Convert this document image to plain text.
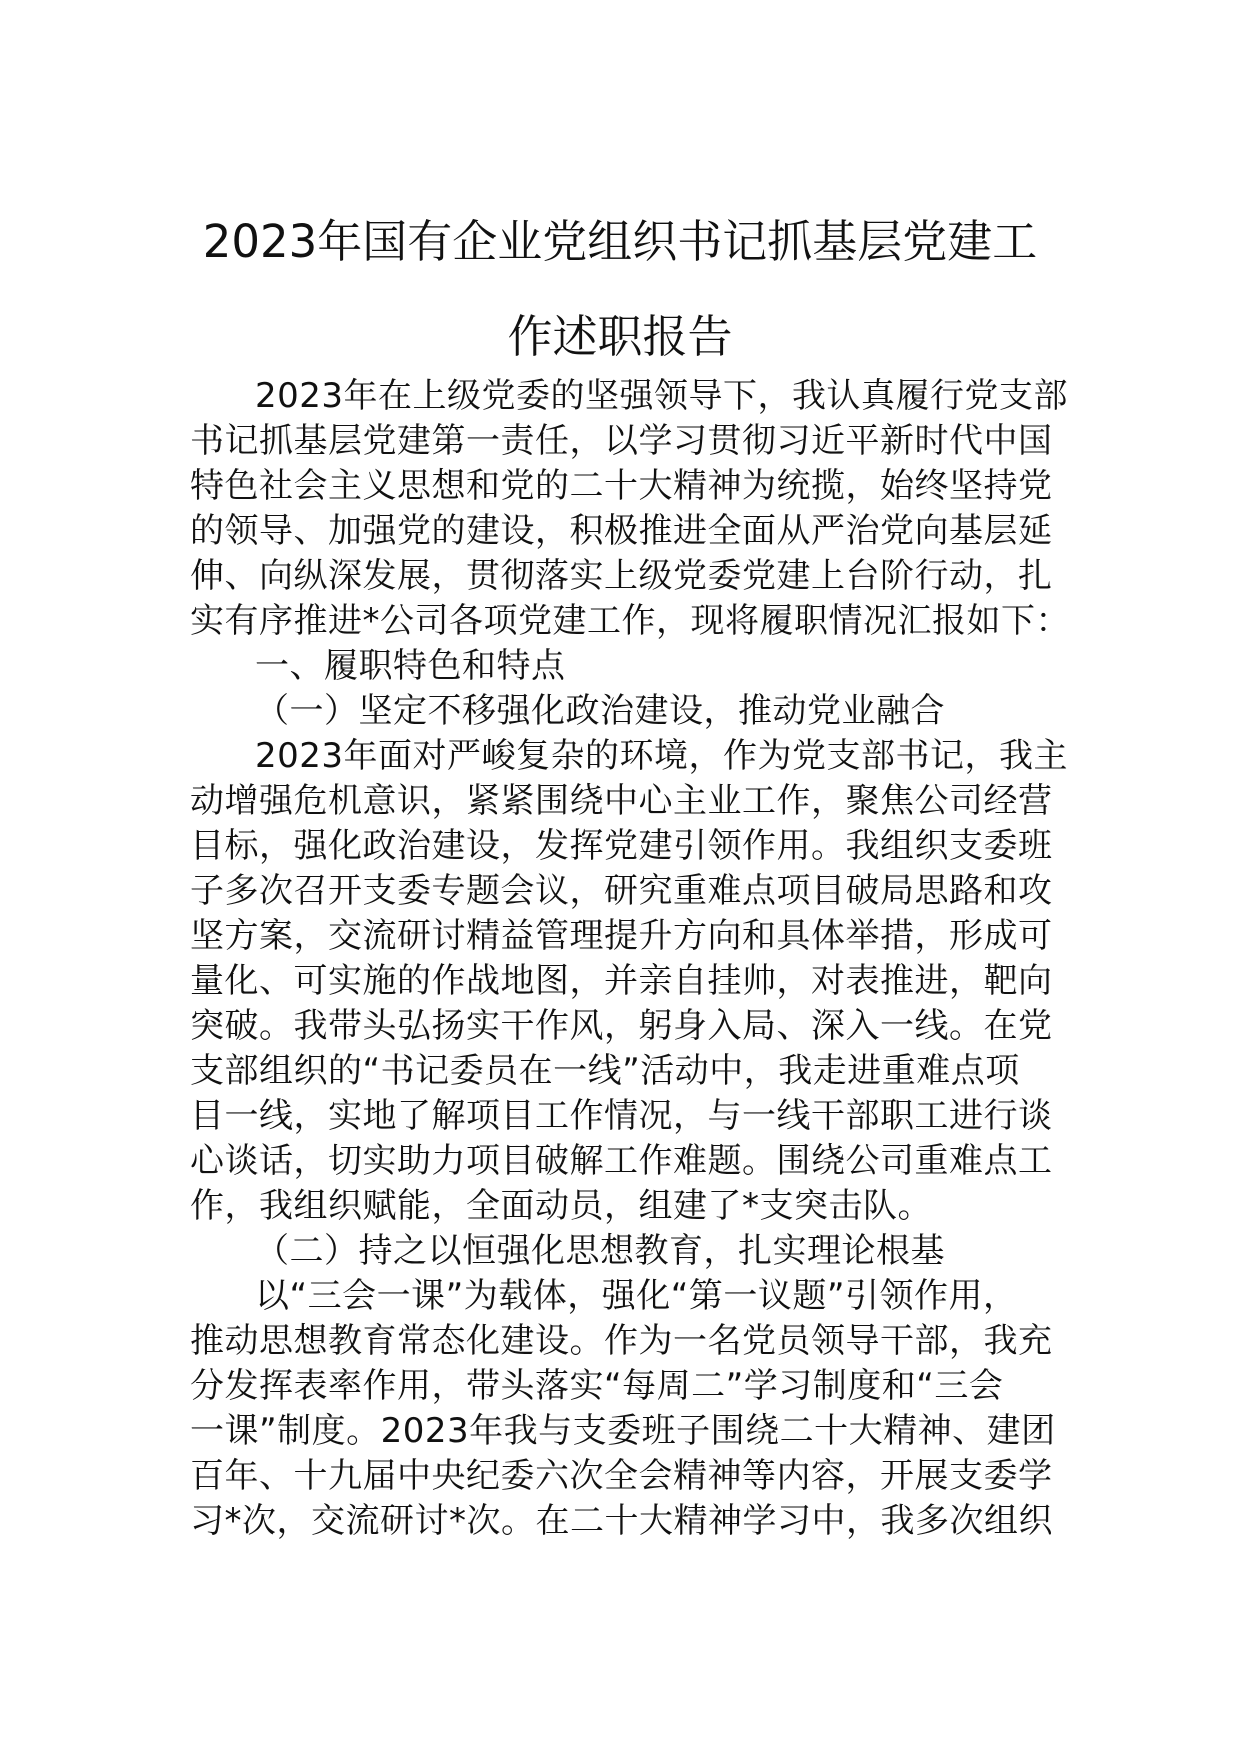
2023年国有企业党组织书记抓基层党建工
作述职报告
2023年在上级党委的坚强领导下，我认真履行党支部
书记抓基层党建第一责任，以学习贯彻习近平新时代中国
特色社会主义思想和党的二十大精神为统揽，始终坚持党
的领导、加强党的建设，积极推进全面从严治党向基层延
伸、向纵深发展，贯彻落实上级党委党建上台阶行动，扎
实有序推进*公司各项党建工作，现将履职情况汇报如下：
一、履职特色和特点
（一）坚定不移强化政治建设，推动党业融合
2023年面对严峻复杂的环境，作为党支部书记，我主
动增强危机意识，紧紧围绕中心主业工作，聚焦公司经营
目标，强化政治建设，发挥党建引领作用。我组织支委班
子多次召开支委专题会议，研究重难点项目破局思路和攻
坚方案，交流研讨精益管理提升方向和具体举措，形成可
量化、可实施的作战地图，并亲自挂帅，对表推进，靶向
突破。我带头弘扬实干作风，躬身入局、深入一线。在党
支部组织的“书记委员在一线”活动中，我走进重难点项
目一线，实地了解项目工作情况，与一线干部职工进行谈
心谈话，切实助力项目破解工作难题。围绕公司重难点工
作，我组织赋能，全面动员，组建了*支突击队。
（二）持之以恒强化思想教育，扎实理论根基
以“三会一课”为载体，强化“第一议题”引领作用，
推动思想教育常态化建设。作为一名党员领导干部，我充
分发挥表率作用，带头落实“每周二”学习制度和“三会
一课”制度。2023年我与支委班子围绕二十大精神、建团
百年、十九届中央纪委六次全会精神等内容，开展支委学
习*次，交流研讨*次。在二十大精神学习中，我多次组织
